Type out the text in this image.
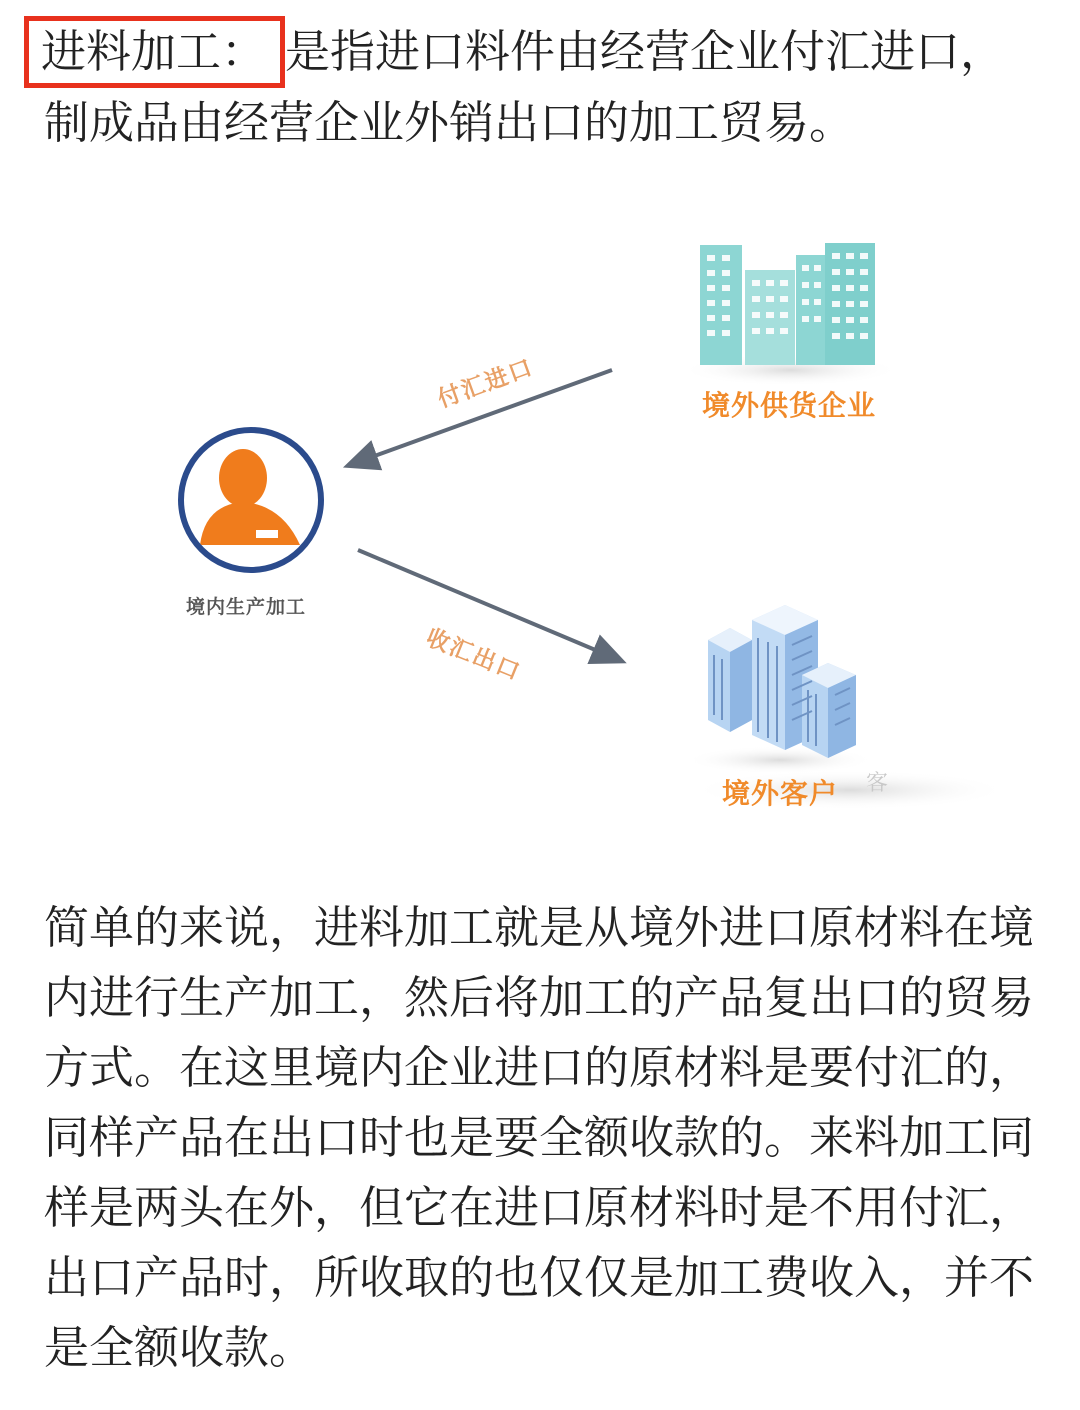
进料加工： 是指进口料件由经营企业付汇进口，制成品由经营企业外销出口的加工贸易。

境外供货企业
付汇进口
境内生产加工
收汇出口
境外客户 客

简单的来说，进料加工就是从境外进口原材料在境内进行生产加工，然后将加工的产品复出口的贸易方式。在这里境内企业进口的原材料是要付汇的，同样产品在出口时也是要全额收款的。来料加工同样是两头在外，但它在进口原材料时是不用付汇，出口产品时，所收取的也仅仅是加工费收入，并不是全额收款。
